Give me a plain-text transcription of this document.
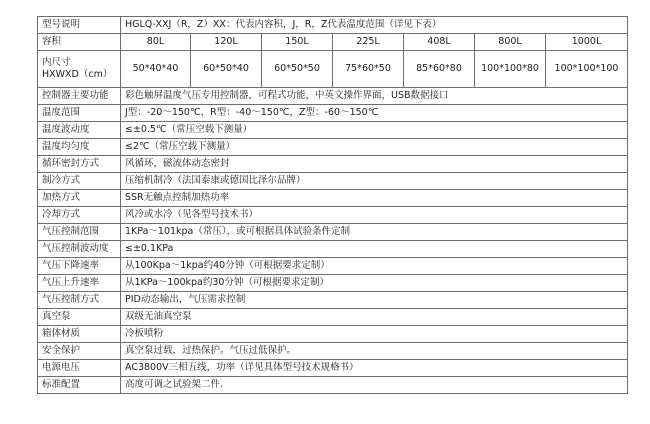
型号说明	HGLQ-XXJ（R，Z）XX：代表内容积，J，R，Z代表温度范围（详见下表）						
容积	80L	120L	150L	225L	408L	800L	1000L

内尺寸
HXWXD（cm）	50*40*40	60*50*40	60*50*50	75*60*50	85*60*80	100*100*80	100*100*100
控制器主要功能	彩色触屏温度气压专用控制器，可程式功能，中英文操作界面，USB数据接口						
温度范围	J型：-20～150℃，R型：-40～150℃，Z型：-60～150℃						
温度波动度	≤±0.5℃（常压空载下测量）						
温度均匀度	≤2℃（常压空载下测量）						
循环密封方式	风循环，磁流体动态密封						
制冷方式	压缩机制冷（法国泰康或德国比泽尔品牌）						
加热方式	SSR无触点控制加热功率						
冷却方式	风冷或水冷（见各型号技术书）						
气压控制范围	1KPa～101kpa（常压），或可根据具体试验条件定制						
气压控制波动度	≤±0.1KPa						
气压下降速率	从100Kpa～1kpa约40分钟（可根据要求定制）						
气压上升速率	从1KPa～100kpa约30分钟（可根据要求定制）						
气压控制方式	PID动态输出，气压需求控制						
真空泵	双级无油真空泵						
箱体材质	冷板喷粉						
安全保护	真空泵过载，过热保护。气压过低保护。						
电源电压	AC3800V三相五线，功率（详见具体型号技术规格书）						
标准配置	高度可调之试验架二件.						
